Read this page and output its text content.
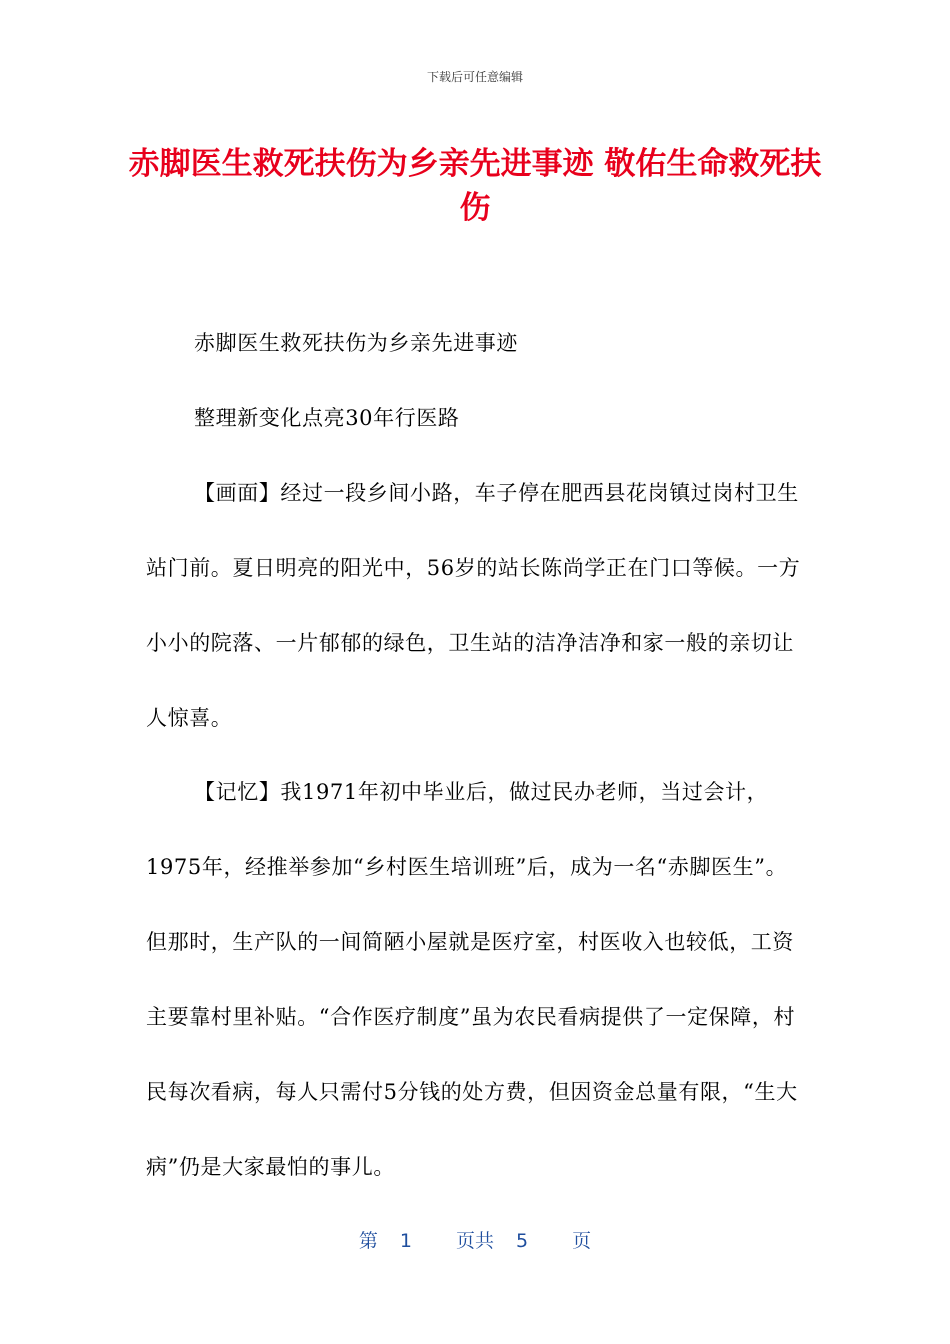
下载后可任意编辑
赤脚医生救死扶伤为乡亲先进事迹 敬佑生命救死扶伤

赤脚医生救死扶伤为乡亲先进事迹

整理新变化点亮30年行医路

【画面】经过一段乡间小路，车子停在肥西县花岗镇过岗村卫生站门前。夏日明亮的阳光中，56岁的站长陈尚学正在门口等候。一方小小的院落、一片郁郁的绿色，卫生站的洁净洁净和家一般的亲切让人惊喜。

【记忆】我1971年初中毕业后，做过民办老师，当过会计，1975年，经推举参加“乡村医生培训班”后，成为一名“赤脚医生”。但那时，生产队的一间简陋小屋就是医疗室，村医收入也较低，工资主要靠村里补贴。“合作医疗制度”虽为农民看病提供了一定保障，村民每次看病，每人只需付5分钱的处方费，但因资金总量有限，“生大病”仍是大家最怕的事儿。

第 1 页共 5 页
